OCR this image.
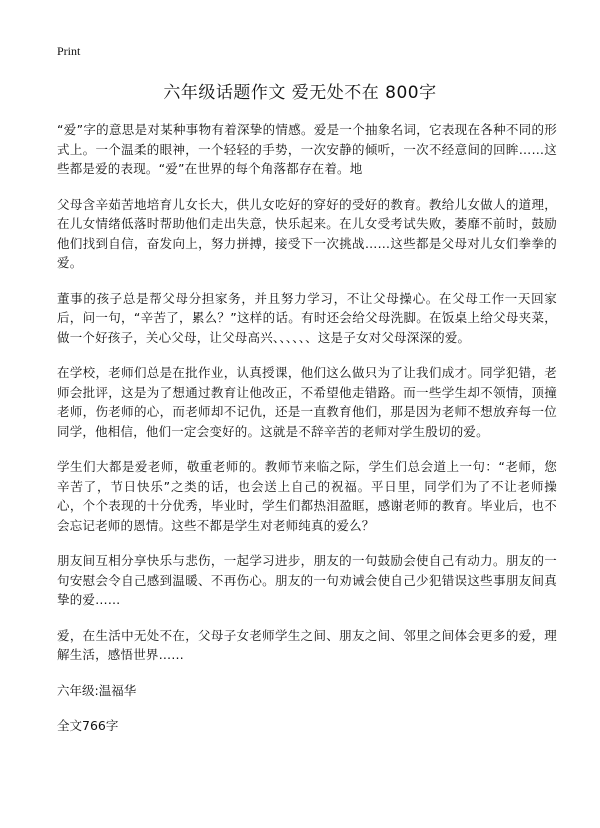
Print
六年级话题作文 爱无处不在 800字

“爱”字的意思是对某种事物有着深挚的情感。爱是一个抽象名词，它表现在各种不同的形式上。一个温柔的眼神，一个轻轻的手势，一次安静的倾听，一次不经意间的回眸……这些都是爱的表现。“爱”在世界的每个角落都存在着。地

父母含辛茹苦地培育儿女长大，供儿女吃好的穿好的受好的教育。教给儿女做人的道理，在儿女情绪低落时帮助他们走出失意，快乐起来。在儿女受考试失败，萎靡不前时，鼓励他们找到自信，奋发向上，努力拼搏，接受下一次挑战……这些都是父母对儿女们拳拳的爱。

董事的孩子总是帮父母分担家务，并且努力学习，不让父母操心。在父母工作一天回家后，问一句，“辛苦了，累么？”这样的话。有时还会给父母洗脚。在饭桌上给父母夹菜，做一个好孩子，关心父母，让父母高兴、、、、、、这是子女对父母深深的爱。

在学校，老师们总是在批作业，认真授课，他们这么做只为了让我们成才。同学犯错，老师会批评，这是为了想通过教育让他改正，不希望他走错路。而一些学生却不领情，顶撞老师，伤老师的心，而老师却不记仇，还是一直教育他们，那是因为老师不想放弃每一位同学，他相信，他们一定会变好的。这就是不辞辛苦的老师对学生殷切的爱。

学生们大都是爱老师，敬重老师的。教师节来临之际，学生们总会道上一句：“老师，您辛苦了，节日快乐”之类的话，也会送上自己的祝福。平日里，同学们为了不让老师操心，个个表现的十分优秀，毕业时，学生们都热泪盈眶，感谢老师的教育。毕业后，也不会忘记老师的恩情。这些不都是学生对老师纯真的爱么？

朋友间互相分享快乐与悲伤，一起学习进步，朋友的一句鼓励会使自己有动力。朋友的一句安慰会令自己感到温暖、不再伤心。朋友的一句劝诫会使自己少犯错误这些事朋友间真挚的爱……

爱，在生活中无处不在，父母子女老师学生之间、朋友之间、邻里之间体会更多的爱，理解生活，感悟世界……

六年级:温福华

全文766字
